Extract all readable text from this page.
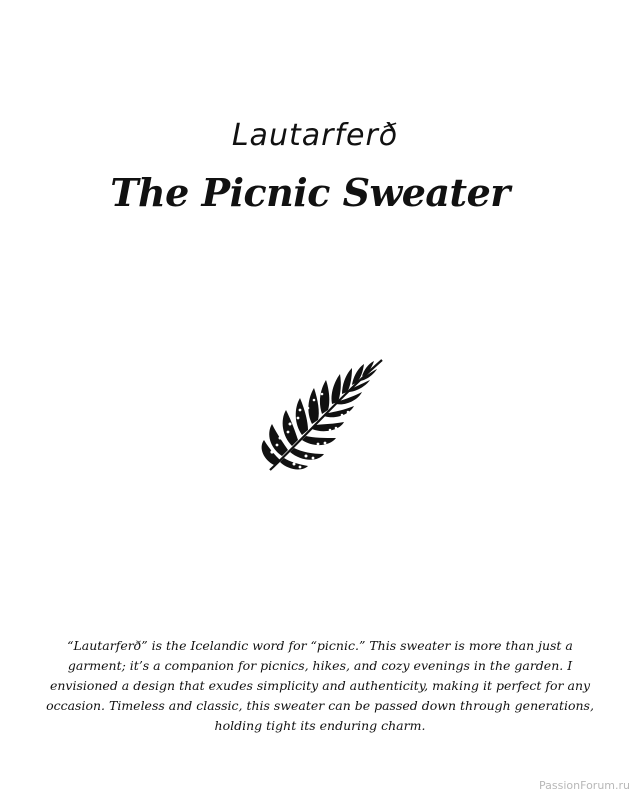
Lautarferð
The Picnic Sweater
“Lautarferð” is the Icelandic word for “picnic.” This sweater is more than just a garment; it’s a companion for picnics, hikes, and cozy evenings in the garden. I envisioned a design that exudes simplicity and authenticity, making it perfect for any occasion. Timeless and classic, this sweater can be passed down through generations, holding tight its enduring charm.
PassionForum.ru
